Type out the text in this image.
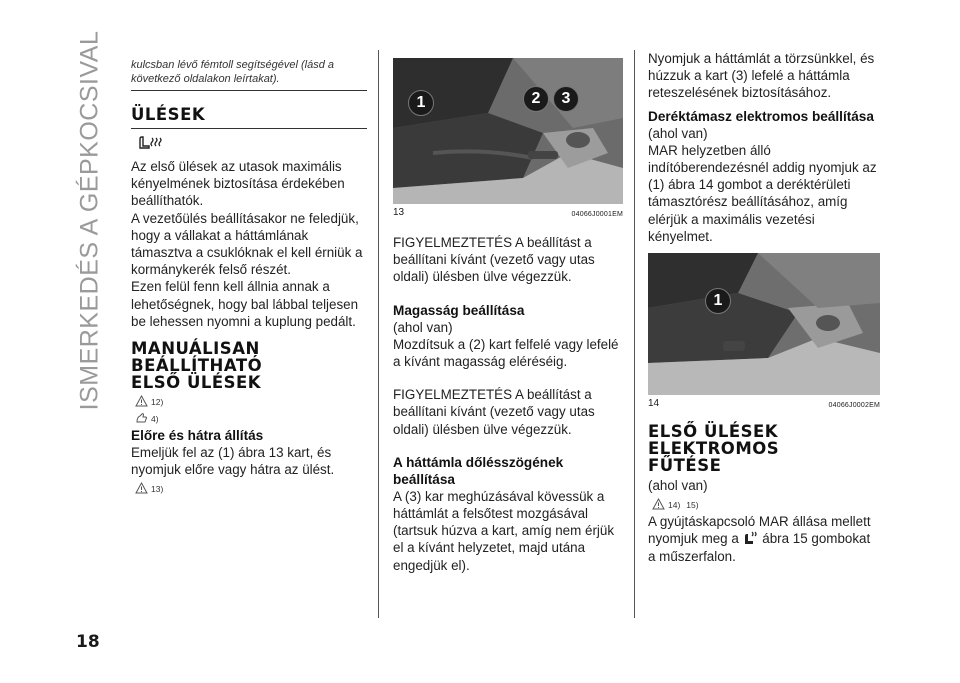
ISMERKEDÉS A GÉPKOCSIVAL
18
kulcsban lévő fémtoll segítségével (lásd a következő oldalakon leírtakat).
ÜLÉSEK

Az első ülések az utasok maximális kényelmének biztosítása érdekében beállíthatók.

A vezetőülés beállításakor ne feledjük, hogy a vállakat a háttámlának támasztva a csuklóknak el kell érniük a kormánykerék felső részét.

Ezen felül fenn kell állnia annak a lehetőségnek, hogy bal lábbal teljesen be lehessen nyomni a kuplung pedált.

MANUÁLISAN BEÁLLÍTHATÓ ELSŐ ÜLÉSEK
12)
4)
Előre és hátra állítás

Emeljük fel az (1) ábra 13 kart, és nyomjuk előre vagy hátra az ülést.

13)
1	2	3
13	04066J0001EM

FIGYELMEZTETÉS A beállítást a beállítani kívánt (vezető vagy utas oldali) ülésben ülve végezzük.

Magasság beállítása

(ahol van)

Mozdítsuk a (2) kart felfelé vagy lefelé a kívánt magasság eléréséig.

FIGYELMEZTETÉS A beállítást a beállítani kívánt (vezető vagy utas oldali) ülésben ülve végezzük.

A háttámla dőlésszögének beállítása

A (3) kar meghúzásával kövessük a háttámlát a felsőtest mozgásával (tartsuk húzva a kart, amíg nem érjük el a kívánt helyzetet, majd utána engedjük el).

Nyomjuk a háttámlát a törzsünkkel, és húzzuk a kart (3) lefelé a háttámla reteszelésének biztosításához.

Deréktámasz elektromos beállítása

(ahol van)

MAR helyzetben álló indítóberendezésnél addig nyomjuk az (1) ábra 14 gombot a deréktérületi támasztórész beállításához, amíg elérjük a maximális vezetési kényelmet.

1
14	04066J0002EM
ELSŐ ÜLÉSEK ELEKTROMOS FŰTÉSE

(ahol van)

14) 15)

A gyújtáskapcsoló MAR állása mellett nyomjuk meg a ábra 15 gombokat a műszerfalon.
